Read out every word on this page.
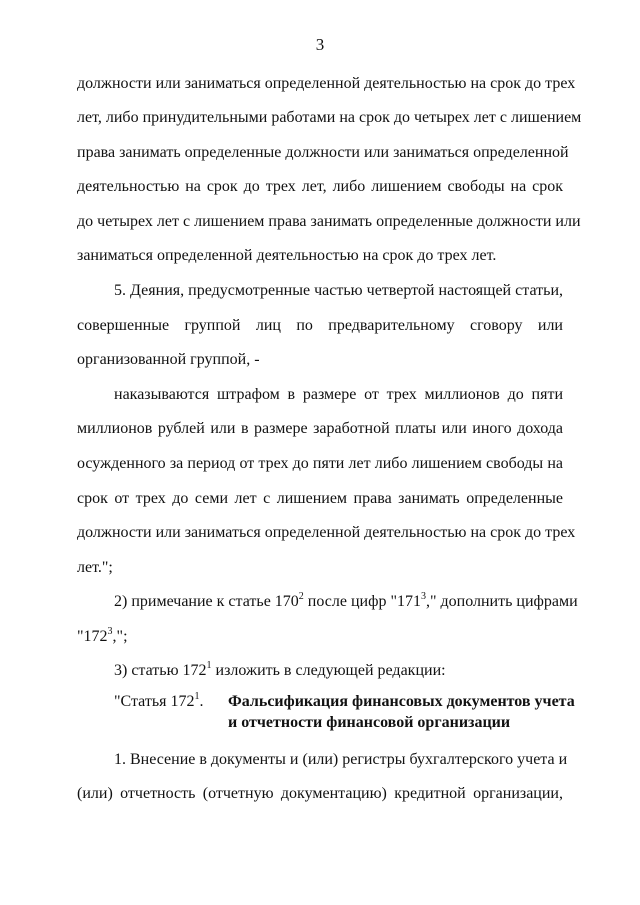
3
должности или заниматься определенной деятельностью на срок до трех
лет, либо принудительными работами на срок до четырех лет с лишением
права занимать определенные должности или заниматься определенной
деятельностью на срок до трех лет, либо лишением свободы на срок
до четырех лет с лишением права занимать определенные должности или
заниматься определенной деятельностью на срок до трех лет.
5. Деяния, предусмотренные частью четвертой настоящей статьи,
совершенные группой лиц по предварительному сговору или
организованной группой, -
наказываются штрафом в размере от трех миллионов до пяти
миллионов рублей или в размере заработной платы или иного дохода
осужденного за период от трех до пяти лет либо лишением свободы на
срок от трех до семи лет с лишением права занимать определенные
должности или заниматься определенной деятельностью на срок до трех
лет.";
2) примечание к статье $170^2$ после цифр "$171^3$," дополнить цифрами
"$172^3$,";
3) статью $172^1$ изложить в следующей редакции:
1. Внесение в документы и (или) регистры бухгалтерского учета и
(или) отчетность (отчетную документацию) кредитной организации,
"Статья $172^1$. Фальсификация финансовых документов учета
и отчетности финансовой организации
